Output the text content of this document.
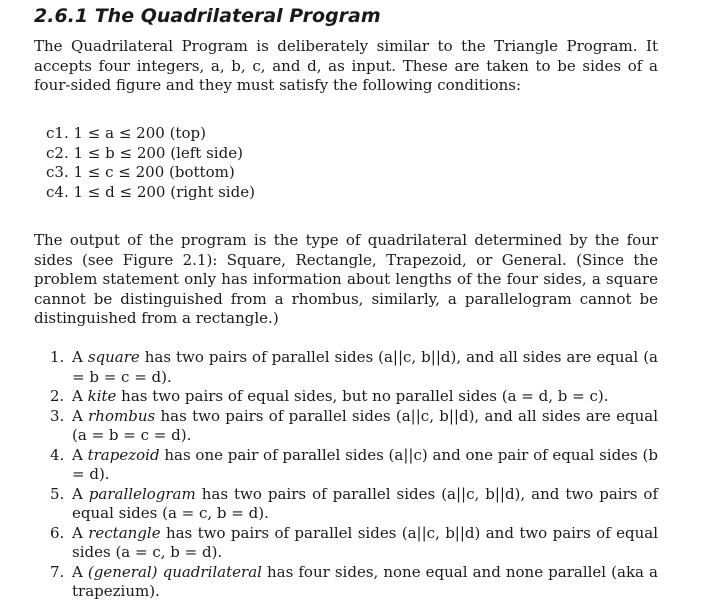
2.6.1 The Quadrilateral Program

The Quadrilateral Program is deliberately similar to the Triangle Program. It accepts four integers, a, b, c, and d, as input. These are taken to be sides of a four-sided figure and they must satisfy the following conditions:

c1. 1 ≤ a ≤ 200 (top)
c2. 1 ≤ b ≤ 200 (left side)
c3. 1 ≤ c ≤ 200 (bottom)
c4. 1 ≤ d ≤ 200 (right side)

The output of the program is the type of quadrilateral determined by the four sides (see Figure 2.1): Square, Rectangle, Trapezoid, or General. (Since the problem statement only has information about lengths of the four sides, a square cannot be distinguished from a rhombus, similarly, a parallelogram cannot be distinguished from a rectangle.)

1. A square has two pairs of parallel sides (a||c, b||d), and all sides are equal (a = b = c = d).
2. A kite has two pairs of equal sides, but no parallel sides (a = d, b = c).
3. A rhombus has two pairs of parallel sides (a||c, b||d), and all sides are equal (a = b = c = d).
4. A trapezoid has one pair of parallel sides (a||c) and one pair of equal sides (b = d).
5. A parallelogram has two pairs of parallel sides (a||c, b||d), and two pairs of equal sides (a = c, b = d).
6. A rectangle has two pairs of parallel sides (a||c, b||d) and two pairs of equal sides (a = c, b = d).
7. A (general) quadrilateral has four sides, none equal and none parallel (aka a trapezium).
